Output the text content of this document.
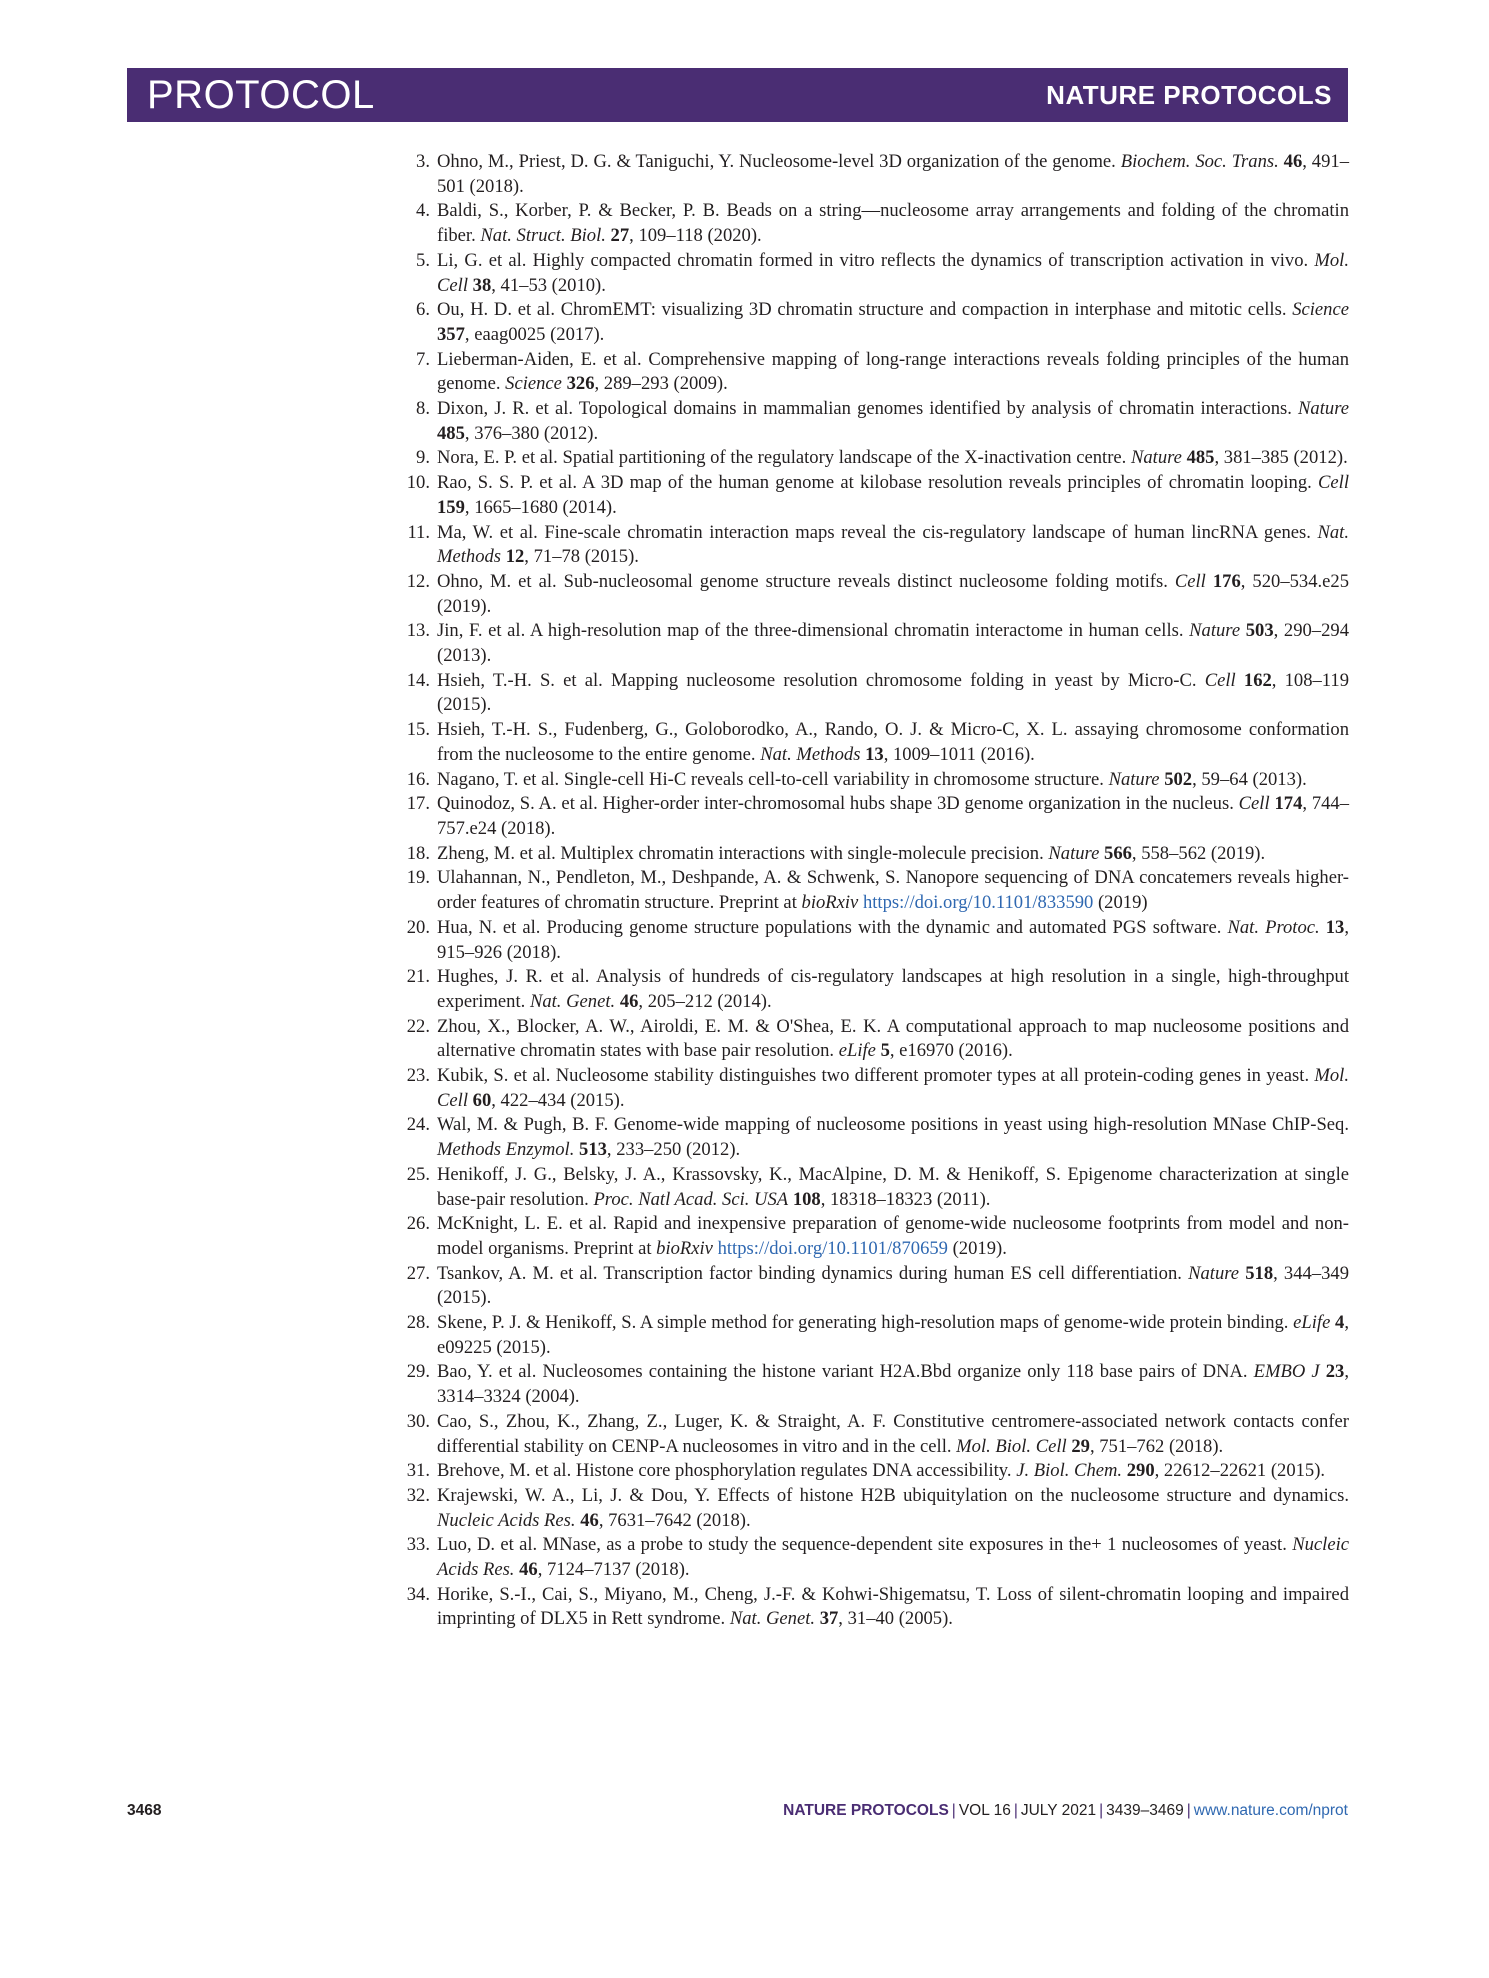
PROTOCOL	NATURE PROTOCOLS
3. Ohno, M., Priest, D. G. & Taniguchi, Y. Nucleosome-level 3D organization of the genome. Biochem. Soc. Trans. 46, 491–501 (2018).
4. Baldi, S., Korber, P. & Becker, P. B. Beads on a string—nucleosome array arrangements and folding of the chromatin fiber. Nat. Struct. Biol. 27, 109–118 (2020).
5. Li, G. et al. Highly compacted chromatin formed in vitro reflects the dynamics of transcription activation in vivo. Mol. Cell 38, 41–53 (2010).
6. Ou, H. D. et al. ChromEMT: visualizing 3D chromatin structure and compaction in interphase and mitotic cells. Science 357, eaag0025 (2017).
7. Lieberman-Aiden, E. et al. Comprehensive mapping of long-range interactions reveals folding principles of the human genome. Science 326, 289–293 (2009).
8. Dixon, J. R. et al. Topological domains in mammalian genomes identified by analysis of chromatin interactions. Nature 485, 376–380 (2012).
9. Nora, E. P. et al. Spatial partitioning of the regulatory landscape of the X-inactivation centre. Nature 485, 381–385 (2012).
10. Rao, S. S. P. et al. A 3D map of the human genome at kilobase resolution reveals principles of chromatin looping. Cell 159, 1665–1680 (2014).
11. Ma, W. et al. Fine-scale chromatin interaction maps reveal the cis-regulatory landscape of human lincRNA genes. Nat. Methods 12, 71–78 (2015).
12. Ohno, M. et al. Sub-nucleosomal genome structure reveals distinct nucleosome folding motifs. Cell 176, 520–534.e25 (2019).
13. Jin, F. et al. A high-resolution map of the three-dimensional chromatin interactome in human cells. Nature 503, 290–294 (2013).
14. Hsieh, T.-H. S. et al. Mapping nucleosome resolution chromosome folding in yeast by Micro-C. Cell 162, 108–119 (2015).
15. Hsieh, T.-H. S., Fudenberg, G., Goloborodko, A., Rando, O. J. & Micro-C, X. L. assaying chromosome conformation from the nucleosome to the entire genome. Nat. Methods 13, 1009–1011 (2016).
16. Nagano, T. et al. Single-cell Hi-C reveals cell-to-cell variability in chromosome structure. Nature 502, 59–64 (2013).
17. Quinodoz, S. A. et al. Higher-order inter-chromosomal hubs shape 3D genome organization in the nucleus. Cell 174, 744–757.e24 (2018).
18. Zheng, M. et al. Multiplex chromatin interactions with single-molecule precision. Nature 566, 558–562 (2019).
19. Ulahannan, N., Pendleton, M., Deshpande, A. & Schwenk, S. Nanopore sequencing of DNA concatemers reveals higher-order features of chromatin structure. Preprint at bioRxiv https://doi.org/10.1101/833590 (2019)
20. Hua, N. et al. Producing genome structure populations with the dynamic and automated PGS software. Nat. Protoc. 13, 915–926 (2018).
21. Hughes, J. R. et al. Analysis of hundreds of cis-regulatory landscapes at high resolution in a single, high-throughput experiment. Nat. Genet. 46, 205–212 (2014).
22. Zhou, X., Blocker, A. W., Airoldi, E. M. & O'Shea, E. K. A computational approach to map nucleosome positions and alternative chromatin states with base pair resolution. eLife 5, e16970 (2016).
23. Kubik, S. et al. Nucleosome stability distinguishes two different promoter types at all protein-coding genes in yeast. Mol. Cell 60, 422–434 (2015).
24. Wal, M. & Pugh, B. F. Genome-wide mapping of nucleosome positions in yeast using high-resolution MNase ChIP-Seq. Methods Enzymol. 513, 233–250 (2012).
25. Henikoff, J. G., Belsky, J. A., Krassovsky, K., MacAlpine, D. M. & Henikoff, S. Epigenome characterization at single base-pair resolution. Proc. Natl Acad. Sci. USA 108, 18318–18323 (2011).
26. McKnight, L. E. et al. Rapid and inexpensive preparation of genome-wide nucleosome footprints from model and non-model organisms. Preprint at bioRxiv https://doi.org/10.1101/870659 (2019).
27. Tsankov, A. M. et al. Transcription factor binding dynamics during human ES cell differentiation. Nature 518, 344–349 (2015).
28. Skene, P. J. & Henikoff, S. A simple method for generating high-resolution maps of genome-wide protein binding. eLife 4, e09225 (2015).
29. Bao, Y. et al. Nucleosomes containing the histone variant H2A.Bbd organize only 118 base pairs of DNA. EMBO J 23, 3314–3324 (2004).
30. Cao, S., Zhou, K., Zhang, Z., Luger, K. & Straight, A. F. Constitutive centromere-associated network contacts confer differential stability on CENP-A nucleosomes in vitro and in the cell. Mol. Biol. Cell 29, 751–762 (2018).
31. Brehove, M. et al. Histone core phosphorylation regulates DNA accessibility. J. Biol. Chem. 290, 22612–22621 (2015).
32. Krajewski, W. A., Li, J. & Dou, Y. Effects of histone H2B ubiquitylation on the nucleosome structure and dynamics. Nucleic Acids Res. 46, 7631–7642 (2018).
33. Luo, D. et al. MNase, as a probe to study the sequence-dependent site exposures in the+ 1 nucleosomes of yeast. Nucleic Acids Res. 46, 7124–7137 (2018).
34. Horike, S.-I., Cai, S., Miyano, M., Cheng, J.-F. & Kohwi-Shigematsu, T. Loss of silent-chromatin looping and impaired imprinting of DLX5 in Rett syndrome. Nat. Genet. 37, 31–40 (2005).
3468	NATURE PROTOCOLS | VOL 16 | JULY 2021 | 3439–3469 | www.nature.com/nprot
